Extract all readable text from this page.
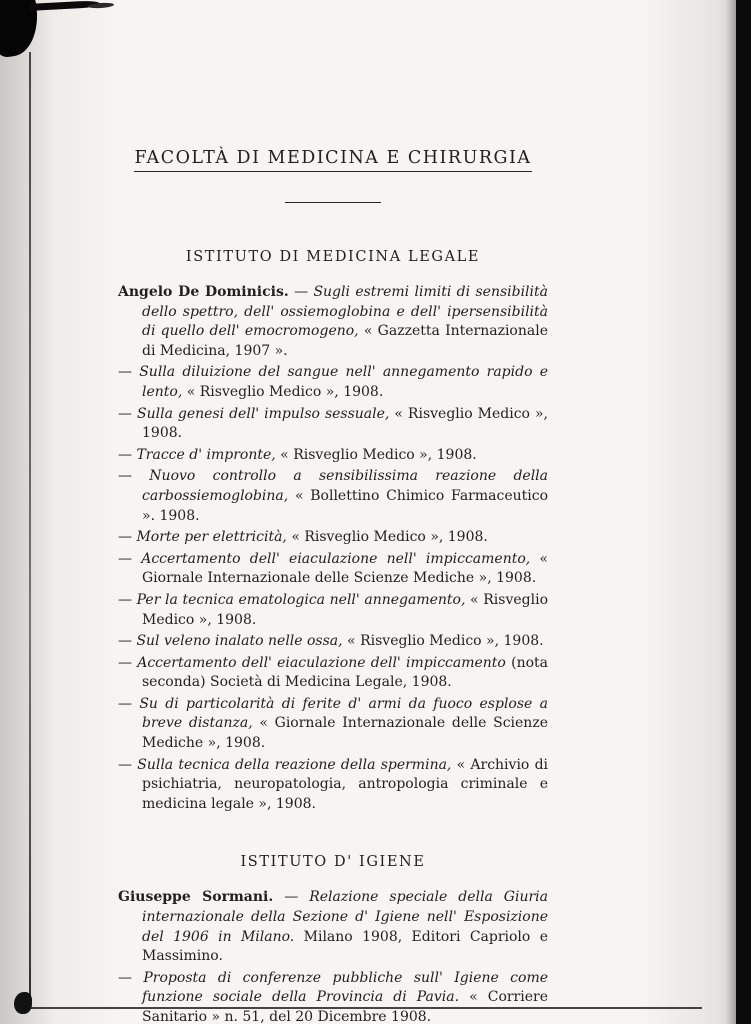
FACOLTÀ DI MEDICINA E CHIRURGIA
ISTITUTO DI MEDICINA LEGALE

Angelo De Dominicis. — Sugli estremi limiti di sensibilità dello spettro, dell' ossiemoglobina e dell' ipersensibilità di quello dell' emocromogeno, « Gazzetta Internazionale di Medicina, 1907 ».

— Sulla diluizione del sangue nell' annegamento rapido e lento, « Risveglio Medico », 1908.

— Sulla genesi dell' impulso sessuale, « Risveglio Medico », 1908.

— Tracce d' impronte, « Risveglio Medico », 1908.

— Nuovo controllo a sensibilissima reazione della carbossiemoglobina, « Bollettino Chimico Farmaceutico ». 1908.

— Morte per elettricità, « Risveglio Medico », 1908.

— Accertamento dell' eiaculazione nell' impiccamento, « Giornale Internazionale delle Scienze Mediche », 1908.

— Per la tecnica ematologica nell' annegamento, « Risveglio Medico », 1908.

— Sul veleno inalato nelle ossa, « Risveglio Medico », 1908.

— Accertamento dell' eiaculazione dell' impiccamento (nota seconda) Società di Medicina Legale, 1908.

— Su di particolarità di ferite d' armi da fuoco esplose a breve distanza, « Giornale Internazionale delle Scienze Mediche », 1908.

— Sulla tecnica della reazione della spermina, « Archivio di psichiatria, neuropatologia, antropologia criminale e medicina legale », 1908.

ISTITUTO D' IGIENE

Giuseppe Sormani. — Relazione speciale della Giuria internazionale della Sezione d' Igiene nell' Esposizione del 1906 in Milano. Milano 1908, Editori Capriolo e Massimino.

— Proposta di conferenze pubbliche sull' Igiene come funzione sociale della Provincia di Pavia. « Corriere Sanitario » n. 51, del 20 Dicembre 1908.
